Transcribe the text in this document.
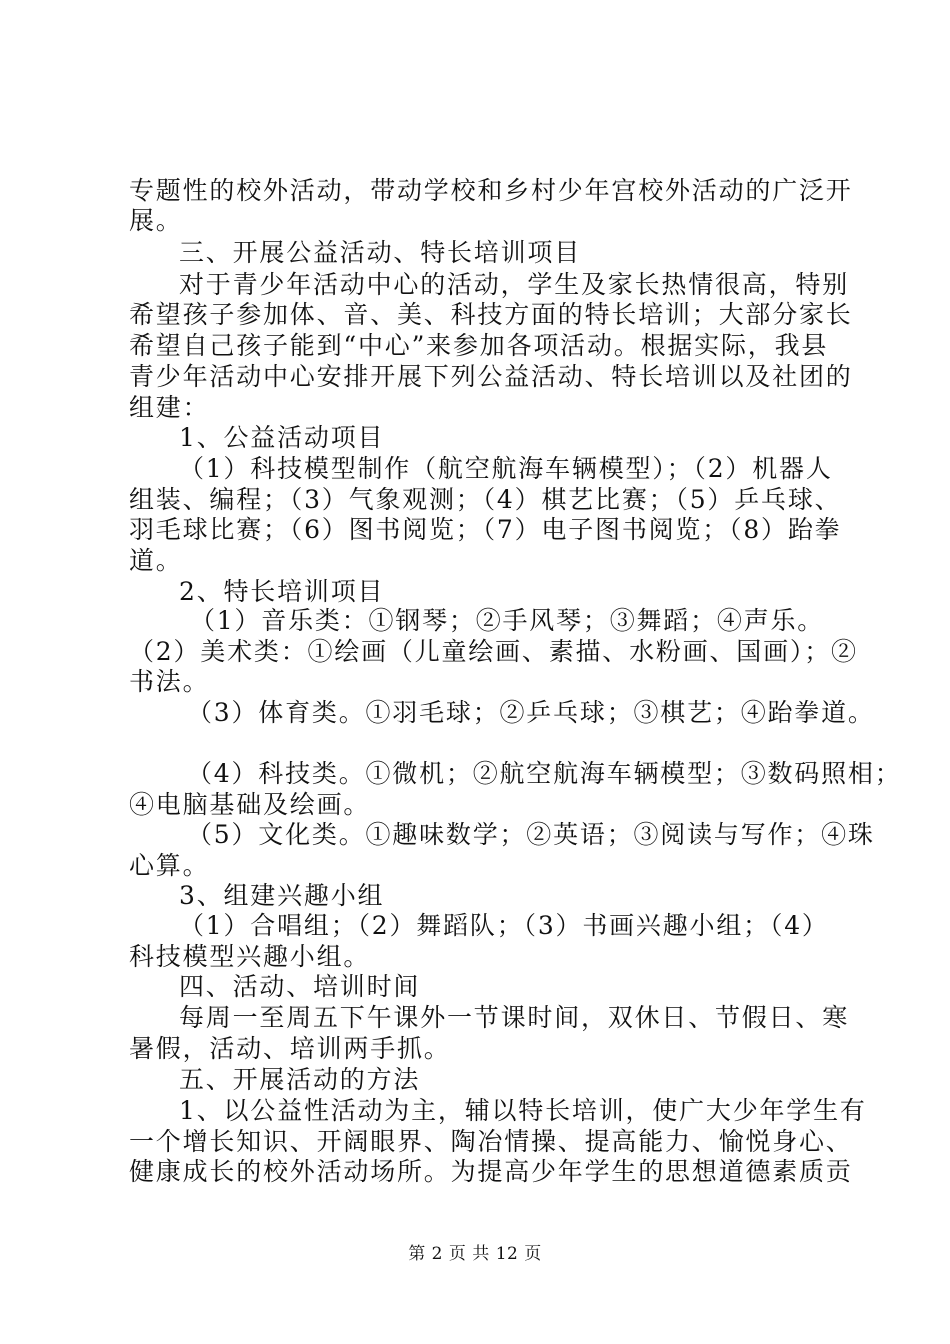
专题性的校外活动，带动学校和乡村少年宫校外活动的广泛开
展。
三、开展公益活动、特长培训项目
对于青少年活动中心的活动，学生及家长热情很高，特别
希望孩子参加体、音、美、科技方面的特长培训；大部分家长
希望自己孩子能到“中心”来参加各项活动。根据实际，我县
青少年活动中心安排开展下列公益活动、特长培训以及社团的
组建：
1、公益活动项目
（1）科技模型制作（航空航海车辆模型）；（2）机器人
组装、编程；（3）气象观测；（4）棋艺比赛；（5）乒乓球、
羽毛球比赛；（6）图书阅览；（7）电子图书阅览；（8）跆拳
道。
2、特长培训项目
（1）音乐类：①钢琴；②手风琴；③舞蹈；④声乐。
（2）美术类：①绘画（儿童绘画、素描、水粉画、国画）；②
书法。
（3）体育类。①羽毛球；②乒乓球；③棋艺；④跆拳道。
（4）科技类。①微机；②航空航海车辆模型；③数码照相；
④电脑基础及绘画。
（5）文化类。①趣味数学；②英语；③阅读与写作；④珠
心算。
3、组建兴趣小组
（1）合唱组；（2）舞蹈队；（3）书画兴趣小组；（4）
科技模型兴趣小组。
四、活动、培训时间
每周一至周五下午课外一节课时间，双休日、节假日、寒
暑假，活动、培训两手抓。
五、开展活动的方法
1、以公益性活动为主，辅以特长培训，使广大少年学生有
一个增长知识、开阔眼界、陶冶情操、提高能力、愉悦身心、
健康成长的校外活动场所。为提高少年学生的思想道德素质贡
第 2 页 共 12 页
